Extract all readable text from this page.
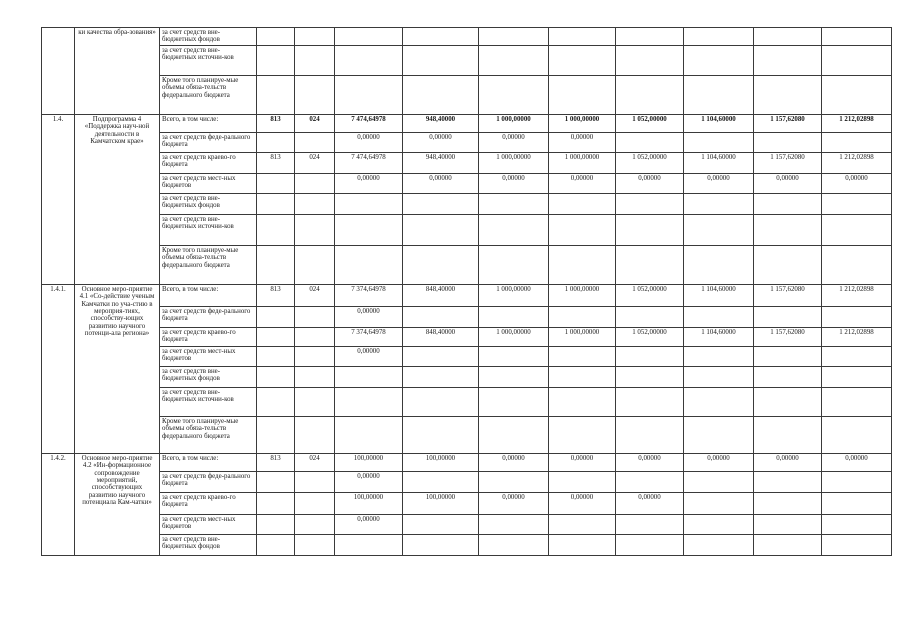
	ки качества обра-зования»	за счет средств вне-бюджетных фондов										
		за счет средств вне-бюджетных источни-ков										
		Кроме того планируе-мые объемы обяза-тельств федерального бюджета										
1.4.	Подпрограмма 4 «Поддержка науч-ной деятельности в Камчатском крае»	Всего, в том числе:	813	024	7 474,64978	948,40000	1 000,00000	1 000,00000	1 052,00000	1 104,60000	1 157,62080	1 212,02898
		за счет средств феде-рального бюджета			0,00000	0,00000	0,00000	0,00000				
		за счет средств краево-го бюджета	813	024	7 474,64978	948,40000	1 000,00000	1 000,00000	1 052,00000	1 104,60000	1 157,62080	1 212,02898
		за счет средств мест-ных бюджетов			0,00000	0,00000	0,00000	0,00000	0,00000	0,00000	0,00000	0,00000
		за счет средств вне-бюджетных фондов										
		за счет средств вне-бюджетных источни-ков										
		Кроме того планируе-мые объемы обяза-тельств федерального бюджета										
1.4.1.	Основное меро-приятие 4.1 «Со-действие ученым Камчатки по уча-стию в мероприя-тиях, способству-ющих развитию научного потенци-ала региона»	Всего, в том числе:	813	024	7 374,64978	848,40000	1 000,00000	1 000,00000	1 052,00000	1 104,60000	1 157,62080	1 212,02898
		за счет средств феде-рального бюджета			0,00000							
		за счет средств краево-го бюджета			7 374,64978	848,40000	1 000,00000	1 000,00000	1 052,00000	1 104,60000	1 157,62080	1 212,02898
		за счет средств мест-ных бюджетов			0,00000							
		за счет средств вне-бюджетных фондов										
		за счет средств вне-бюджетных источни-ков										
		Кроме того планируе-мые объемы обяза-тельств федерального бюджета										
1.4.2.	Основное меро-приятие 4.2 «Ин-формационное сопровождение мероприятий, способствующих развитию научного потенциала Кам-чатки»	Всего, в том числе:	813	024	100,00000	100,00000	0,00000	0,00000	0,00000	0,00000	0,00000	0,00000
		за счет средств феде-рального бюджета			0,00000							
		за счет средств краево-го бюджета			100,00000	100,00000	0,00000	0,00000	0,00000			
		за счет средств мест-ных бюджетов			0,00000							
		за счет средств вне-бюджетных фондов										
